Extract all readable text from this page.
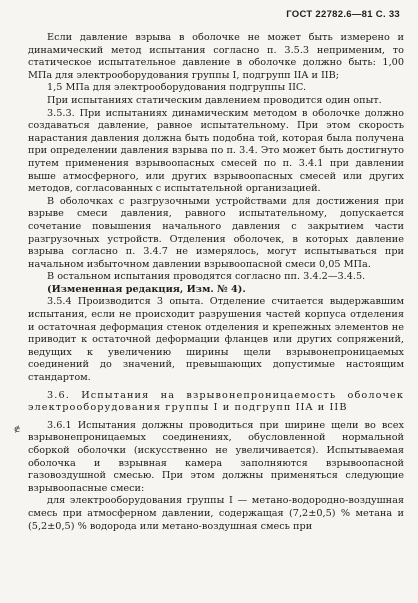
ГОСТ 22782.6—81 С. 33
ɇ

Если давление взрыва в оболочке не может быть измерено и динамический метод испытания согласно п. 3.5.3 неприменим, то статическое испытательное давление в оболочке должно быть: 1,00 МПа для электрооборудования группы I, подгрупп IIA и IIB;

1,5 МПа для электрооборудования подгруппы IIC.

При испытаниях статическим давлением проводится один опыт.

3.5.3. При испытаниях динамическим методом в оболочке должно создаваться давление, равное испытательному. При этом скорость нарастания давления должна быть подобна той, которая была получена при определении давления взрыва по п. 3.4. Это может быть достигнуто путем применения взрывоопасных смесей по п. 3.4.1 при давлении выше атмосферного, или других взрывоопасных смесей или других методов, согласованных с испытательной организацией.

В оболочках с разгрузочными устройствами для достижения при взрыве смеси давления, равного испытательному, допускается сочетание повышения начального давления с закрытием части разгрузочных устройств. Отделения оболочек, в которых давление взрыва согласно п. 3.4.7 не измерялось, могут испытываться при начальном избыточном давлении взрывоопасной смеси 0,05 МПа.

В остальном испытания проводятся согласно пп. 3.4.2—3.4.5.

(Измененная редакция, Изм. № 4).

3.5.4 Производится 3 опыта. Отделение считается выдержавшим испытания, если не происходит разрушения частей корпуса отделения и остаточная деформация стенок отделения и крепежных элементов не приводит к остаточной деформации фланцев или других сопряжений, ведущих к увеличению ширины щели взрывонепроницаемых соединений до значений, превышающих допустимые настоящим стандартом.

3.6. Испытания на взрывонепроницаемость оболочек электрооборудования группы I и подгрупп IIA и IIB

3.6.1 Испытания должны проводиться при ширине щели во всех взрывонепроницаемых соединениях, обусловленной нормальной сборкой оболочки (искусственно не увеличивается). Испытываемая оболочка и взрывная камера заполняются взрывоопасной газовоздушной смесью. При этом должны применяться следующие взрывоопасные смеси:

для электрооборудования группы I — метано-водородно-воздушная смесь при атмосферном давлении, содержащая (7,2±0,5) % метана и (5,2±0,5) % водорода или метано-воздушная смесь при
